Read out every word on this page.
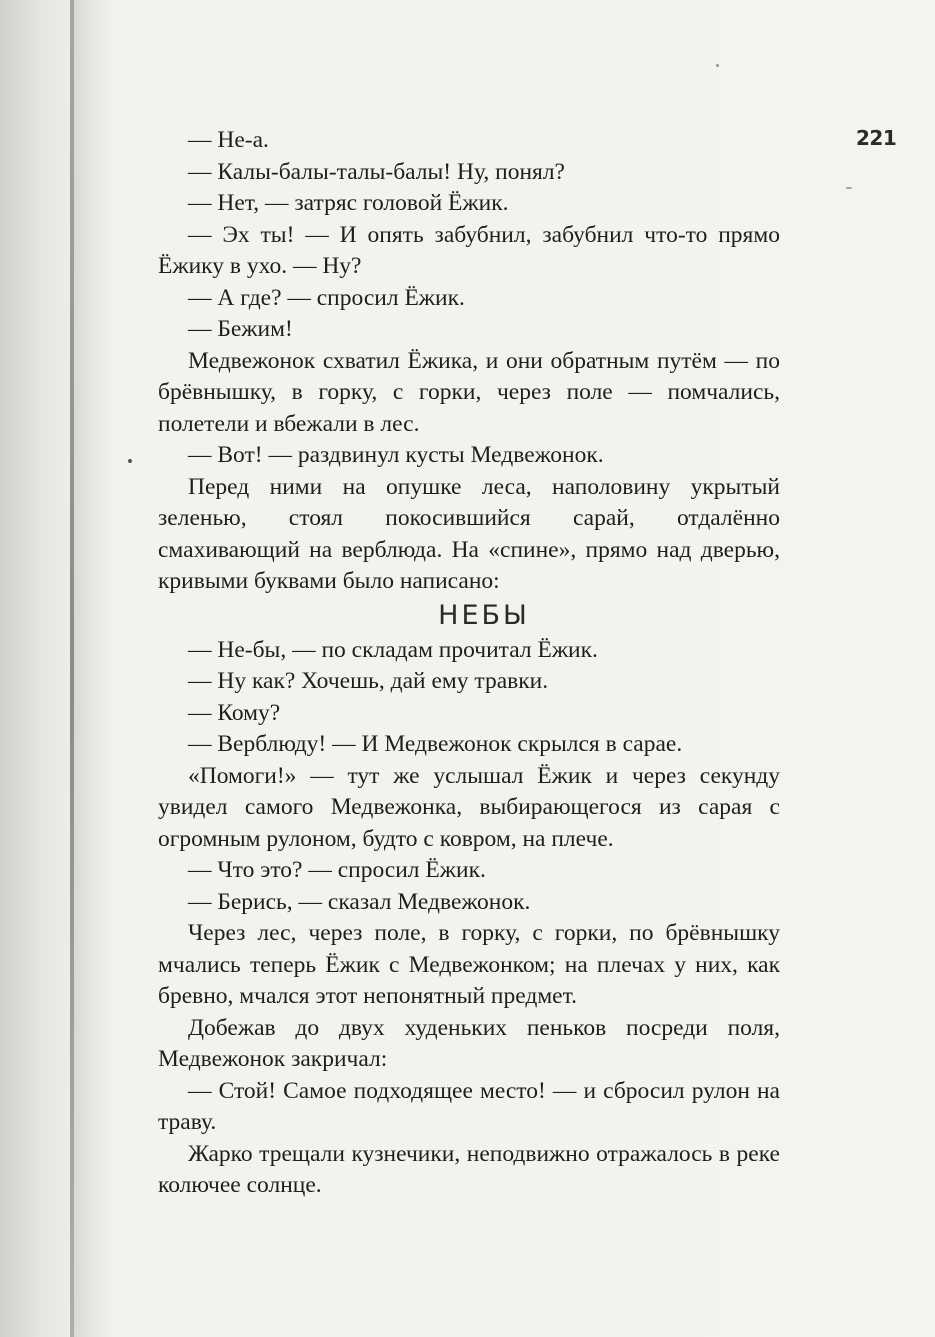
221

— Не-а.

— Калы-балы-талы-балы! Ну, понял?

— Нет, — затряс головой Ёжик.

— Эх ты! — И опять забубнил, забубнил что-то прямо Ёжику в ухо. — Ну?

— А где? — спросил Ёжик.

— Бежим!

Медвежонок схватил Ёжика, и они обратным путём — по брёвнышку, в горку, с горки, через поле — помчались, полетели и вбежали в лес.

— Вот! — раздвинул кусты Медвежонок.

Перед ними на опушке леса, наполовину укрытый зеленью, стоял покосившийся сарай, отдалённо смахивающий на верблюда. На «спине», прямо над дверью, кривыми буквами было написано:

НЕБЫ

— Не-бы, — по складам прочитал Ёжик.

— Ну как? Хочешь, дай ему травки.

— Кому?

— Верблюду! — И Медвежонок скрылся в сарае.

«Помоги!» — тут же услышал Ёжик и через секунду увидел самого Медвежонка, выбирающегося из сарая с огромным рулоном, будто с ковром, на плече.

— Что это? — спросил Ёжик.

— Берись, — сказал Медвежонок.

Через лес, через поле, в горку, с горки, по брёвнышку мчались теперь Ёжик с Медвежонком; на плечах у них, как бревно, мчался этот непонятный предмет.

Добежав до двух худеньких пеньков посреди поля, Медвежонок закричал:

— Стой! Самое подходящее место! — и сбросил рулон на траву.

Жарко трещали кузнечики, неподвижно отражалось в реке колючее солнце.
